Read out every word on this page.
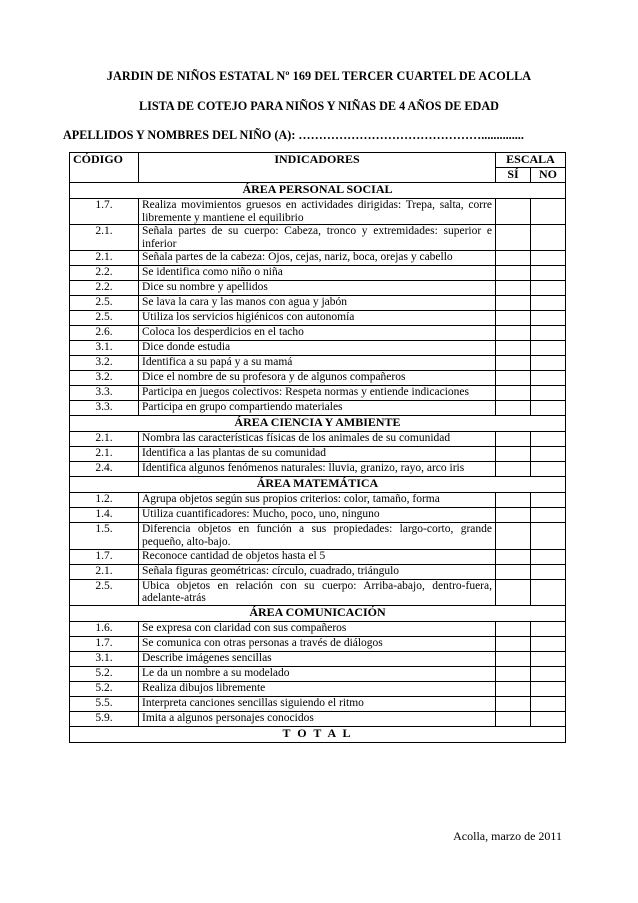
JARDIN DE NIÑOS ESTATAL Nº 169 DEL TERCER CUARTEL DE ACOLLA
LISTA DE COTEJO PARA NIÑOS Y NIÑAS DE 4 AÑOS DE EDAD
APELLIDOS Y NOMBRES DEL NIÑO (A): ………………………………………..............
CÓDIGO	INDICADORES	ESCALA	
		SÍ	NO
ÁREA PERSONAL SOCIAL			
1.7.	Realiza movimientos gruesos en actividades dirigidas: Trepa, salta, corre libremente y mantiene el equilibrio		
2.1.	Señala partes de su cuerpo: Cabeza, tronco y extremidades: superior e inferior		
2.1.	Señala partes de la cabeza: Ojos, cejas, nariz, boca, orejas y cabello		
2.2.	Se identifica como niño o niña		
2.2.	Dice su nombre y apellidos		
2.5.	Se lava la cara y las manos con agua y jabón		
2.5.	Utiliza los servicios higiénicos con autonomía		
2.6.	Coloca los desperdicios en el tacho		
3.1.	Dice donde estudia		
3.2.	Identifica a su papá y a su mamá		
3.2.	Dice el nombre de su profesora y de algunos compañeros		
3.3.	Participa en juegos colectivos: Respeta normas y entiende indicaciones		
3.3.	Participa en grupo compartiendo materiales		
ÁREA CIENCIA Y AMBIENTE			
2.1.	Nombra las características físicas de los animales de su comunidad		
2.1.	Identifica a las plantas de su comunidad		
2.4.	Identifica algunos fenómenos naturales: lluvia, granizo, rayo, arco iris		
ÁREA MATEMÁTICA			
1.2.	Agrupa objetos según sus propios criterios: color, tamaño, forma		
1.4.	Utiliza cuantificadores: Mucho, poco, uno, ninguno		
1.5.	Diferencia objetos en función a sus propiedades: largo-corto, grande pequeño, alto-bajo.		
1.7.	Reconoce cantidad de objetos hasta el 5		
2.1.	Señala figuras geométricas: círculo, cuadrado, triángulo		
2.5.	Ubica objetos en relación con su cuerpo: Arriba-abajo, dentro-fuera, adelante-atrás		
ÁREA COMUNICACIÓN			
1.6.	Se expresa con claridad con sus compañeros		
1.7.	Se comunica con otras personas a través de diálogos		
3.1.	Describe imágenes sencillas		
5.2.	Le da un nombre a su modelado		
5.2.	Realiza dibujos libremente		
5.5.	Interpreta canciones sencillas siguiendo el ritmo		
5.9.	Imita a algunos personajes conocidos		
T O T A L			
Acolla, marzo de 2011
